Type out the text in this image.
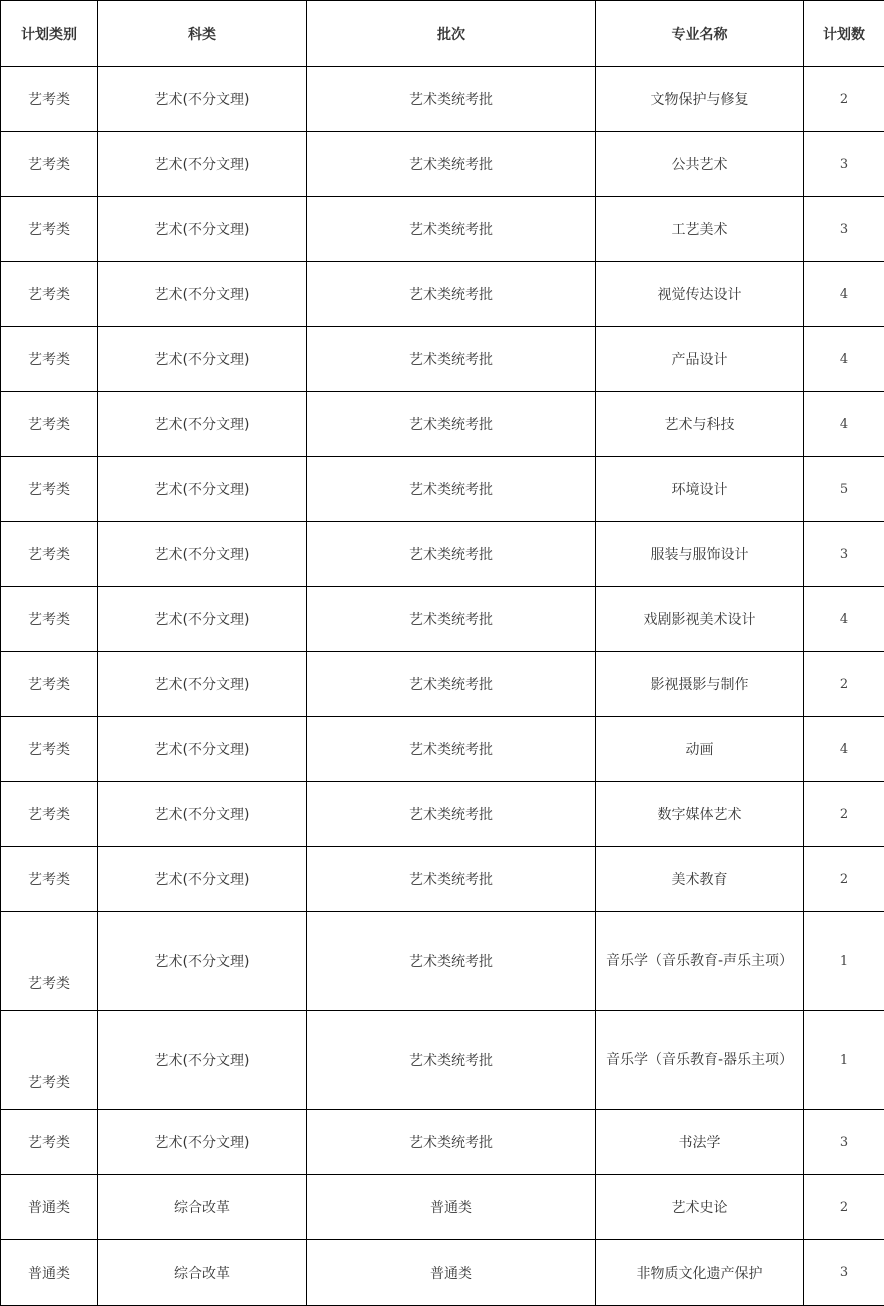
计划类别	科类	批次	专业名称	计划数
艺考类	艺术(不分文理)	艺术类统考批	文物保护与修复	2
艺考类	艺术(不分文理)	艺术类统考批	公共艺术	3
艺考类	艺术(不分文理)	艺术类统考批	工艺美术	3
艺考类	艺术(不分文理)	艺术类统考批	视觉传达设计	4
艺考类	艺术(不分文理)	艺术类统考批	产品设计	4
艺考类	艺术(不分文理)	艺术类统考批	艺术与科技	4
艺考类	艺术(不分文理)	艺术类统考批	环境设计	5
艺考类	艺术(不分文理)	艺术类统考批	服装与服饰设计	3
艺考类	艺术(不分文理)	艺术类统考批	戏剧影视美术设计	4
艺考类	艺术(不分文理)	艺术类统考批	影视摄影与制作	2
艺考类	艺术(不分文理)	艺术类统考批	动画	4
艺考类	艺术(不分文理)	艺术类统考批	数字媒体艺术	2
艺考类	艺术(不分文理)	艺术类统考批	美术教育	2
艺考类	艺术(不分文理)	艺术类统考批	音乐学（音乐教育-声乐主项）	1
艺考类	艺术(不分文理)	艺术类统考批	音乐学（音乐教育-器乐主项）	1
艺考类	艺术(不分文理)	艺术类统考批	书法学	3
普通类	综合改革	普通类	艺术史论	2
普通类	综合改革	普通类	非物质文化遗产保护	3
